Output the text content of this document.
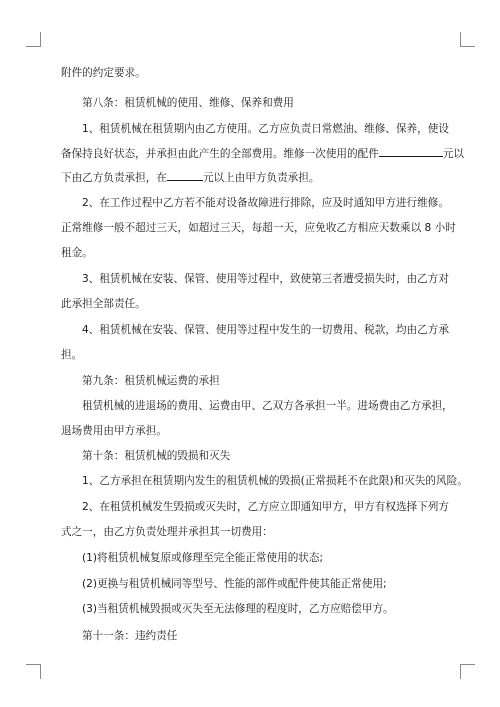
附件的约定要求。
第八条：租赁机械的使用、维修、保养和费用
1、租赁机械在租赁期内由乙方使用。乙方应负责日常燃油、维修、保养，使设
备保持良好状态，并承担由此产生的全部费用。维修一次使用的配件	元以
下由乙方负责承担，在	元以上由甲方负责承担。
2、在工作过程中乙方若不能对设备故障进行排除，应及时通知甲方进行维修。
正常维修一般不超过三天，如超过三天，每超一天，应免收乙方相应天数乘以 8 小时
租金。
3、租赁机械在安装、保管、使用等过程中，致使第三者遭受损失时，由乙方对
此承担全部责任。
4、租赁机械在安装、保管、使用等过程中发生的一切费用、税款，均由乙方承
担。
第九条：租赁机械运费的承担
租赁机械的进退场的费用、运费由甲、乙双方各承担一半。进场费由乙方承担，
退场费用由甲方承担。
第十条：租赁机械的毁损和灭失
1、乙方承担在租赁期内发生的租赁机械的毁损(正常损耗不在此限)和灭失的风险。
2、在租赁机械发生毁损或灭失时，乙方应立即通知甲方，甲方有权选择下列方
式之一，由乙方负责处理并承担其一切费用：
(1)将租赁机械复原或修理至完全能正常使用的状态;
(2)更换与租赁机械同等型号、性能的部件或配件使其能正常使用;
(3)当租赁机械毁损或灭失至无法修理的程度时，乙方应赔偿甲方。
第十一条：违约责任
